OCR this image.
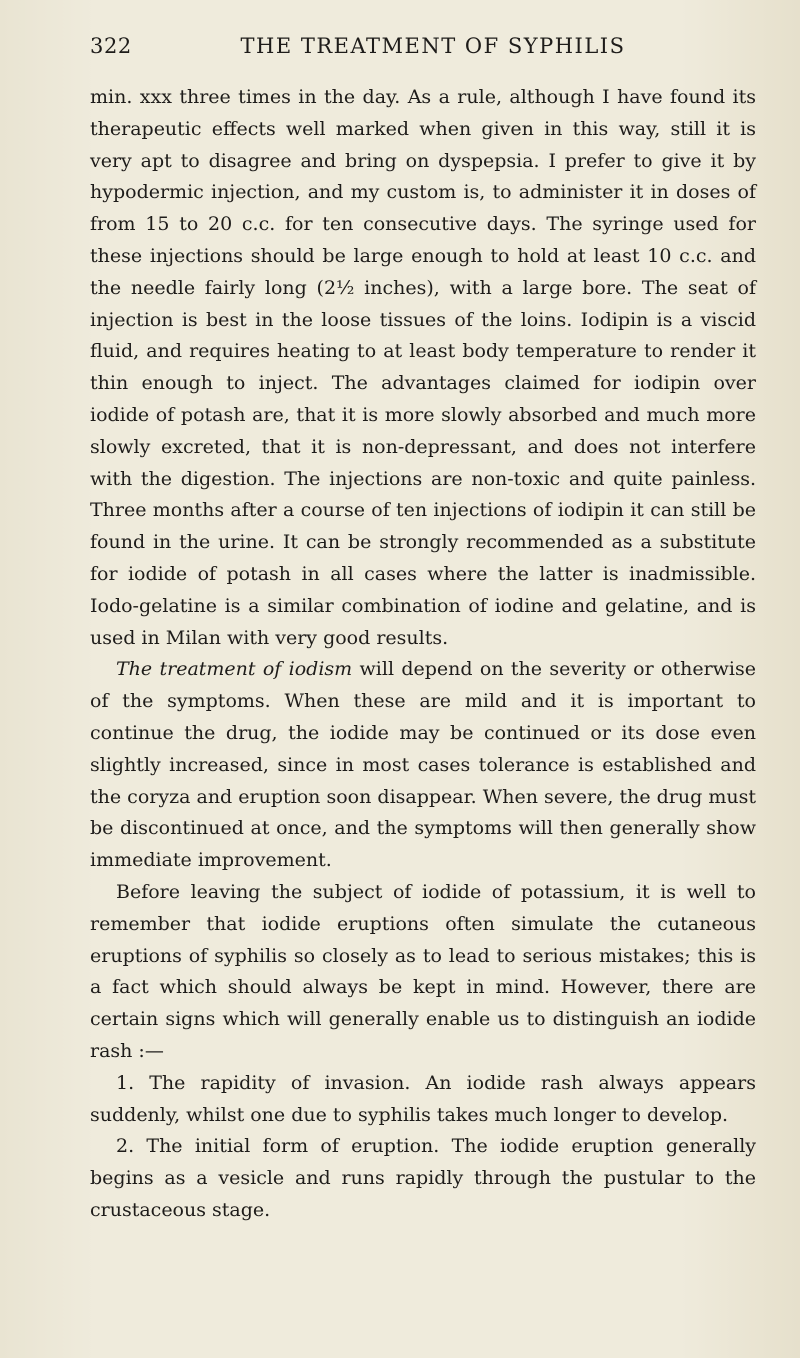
322	THE TREATMENT OF SYPHILIS

min. xxx three times in the day. As a rule, although I have found its therapeutic effects well marked when given in this way, still it is very apt to disagree and bring on dyspepsia. I prefer to give it by hypodermic injection, and my custom is, to administer it in doses of from 15 to 20 c.c. for ten consecutive days. The syringe used for these injections should be large enough to hold at least 10 c.c. and the needle fairly long (2½ inches), with a large bore. The seat of injection is best in the loose tissues of the loins. Iodipin is a viscid fluid, and requires heating to at least body temperature to render it thin enough to inject. The advantages claimed for iodipin over iodide of potash are, that it is more slowly absorbed and much more slowly excreted, that it is non-depressant, and does not interfere with the digestion. The injections are non-toxic and quite painless. Three months after a course of ten injections of iodipin it can still be found in the urine. It can be strongly recommended as a substitute for iodide of potash in all cases where the latter is inadmissible. Iodo-gelatine is a similar combination of iodine and gelatine, and is used in Milan with very good results.

The treatment of iodism will depend on the severity or otherwise of the symptoms. When these are mild and it is important to continue the drug, the iodide may be continued or its dose even slightly increased, since in most cases tolerance is established and the coryza and eruption soon disappear. When severe, the drug must be discontinued at once, and the symptoms will then generally show immediate improvement.

Before leaving the subject of iodide of potassium, it is well to remember that iodide eruptions often simulate the cutaneous eruptions of syphilis so closely as to lead to serious mistakes; this is a fact which should always be kept in mind. However, there are certain signs which will generally enable us to distinguish an iodide rash :—

1. The rapidity of invasion. An iodide rash always appears suddenly, whilst one due to syphilis takes much longer to develop.

2. The initial form of eruption. The iodide eruption generally begins as a vesicle and runs rapidly through the pustular to the crustaceous stage.
